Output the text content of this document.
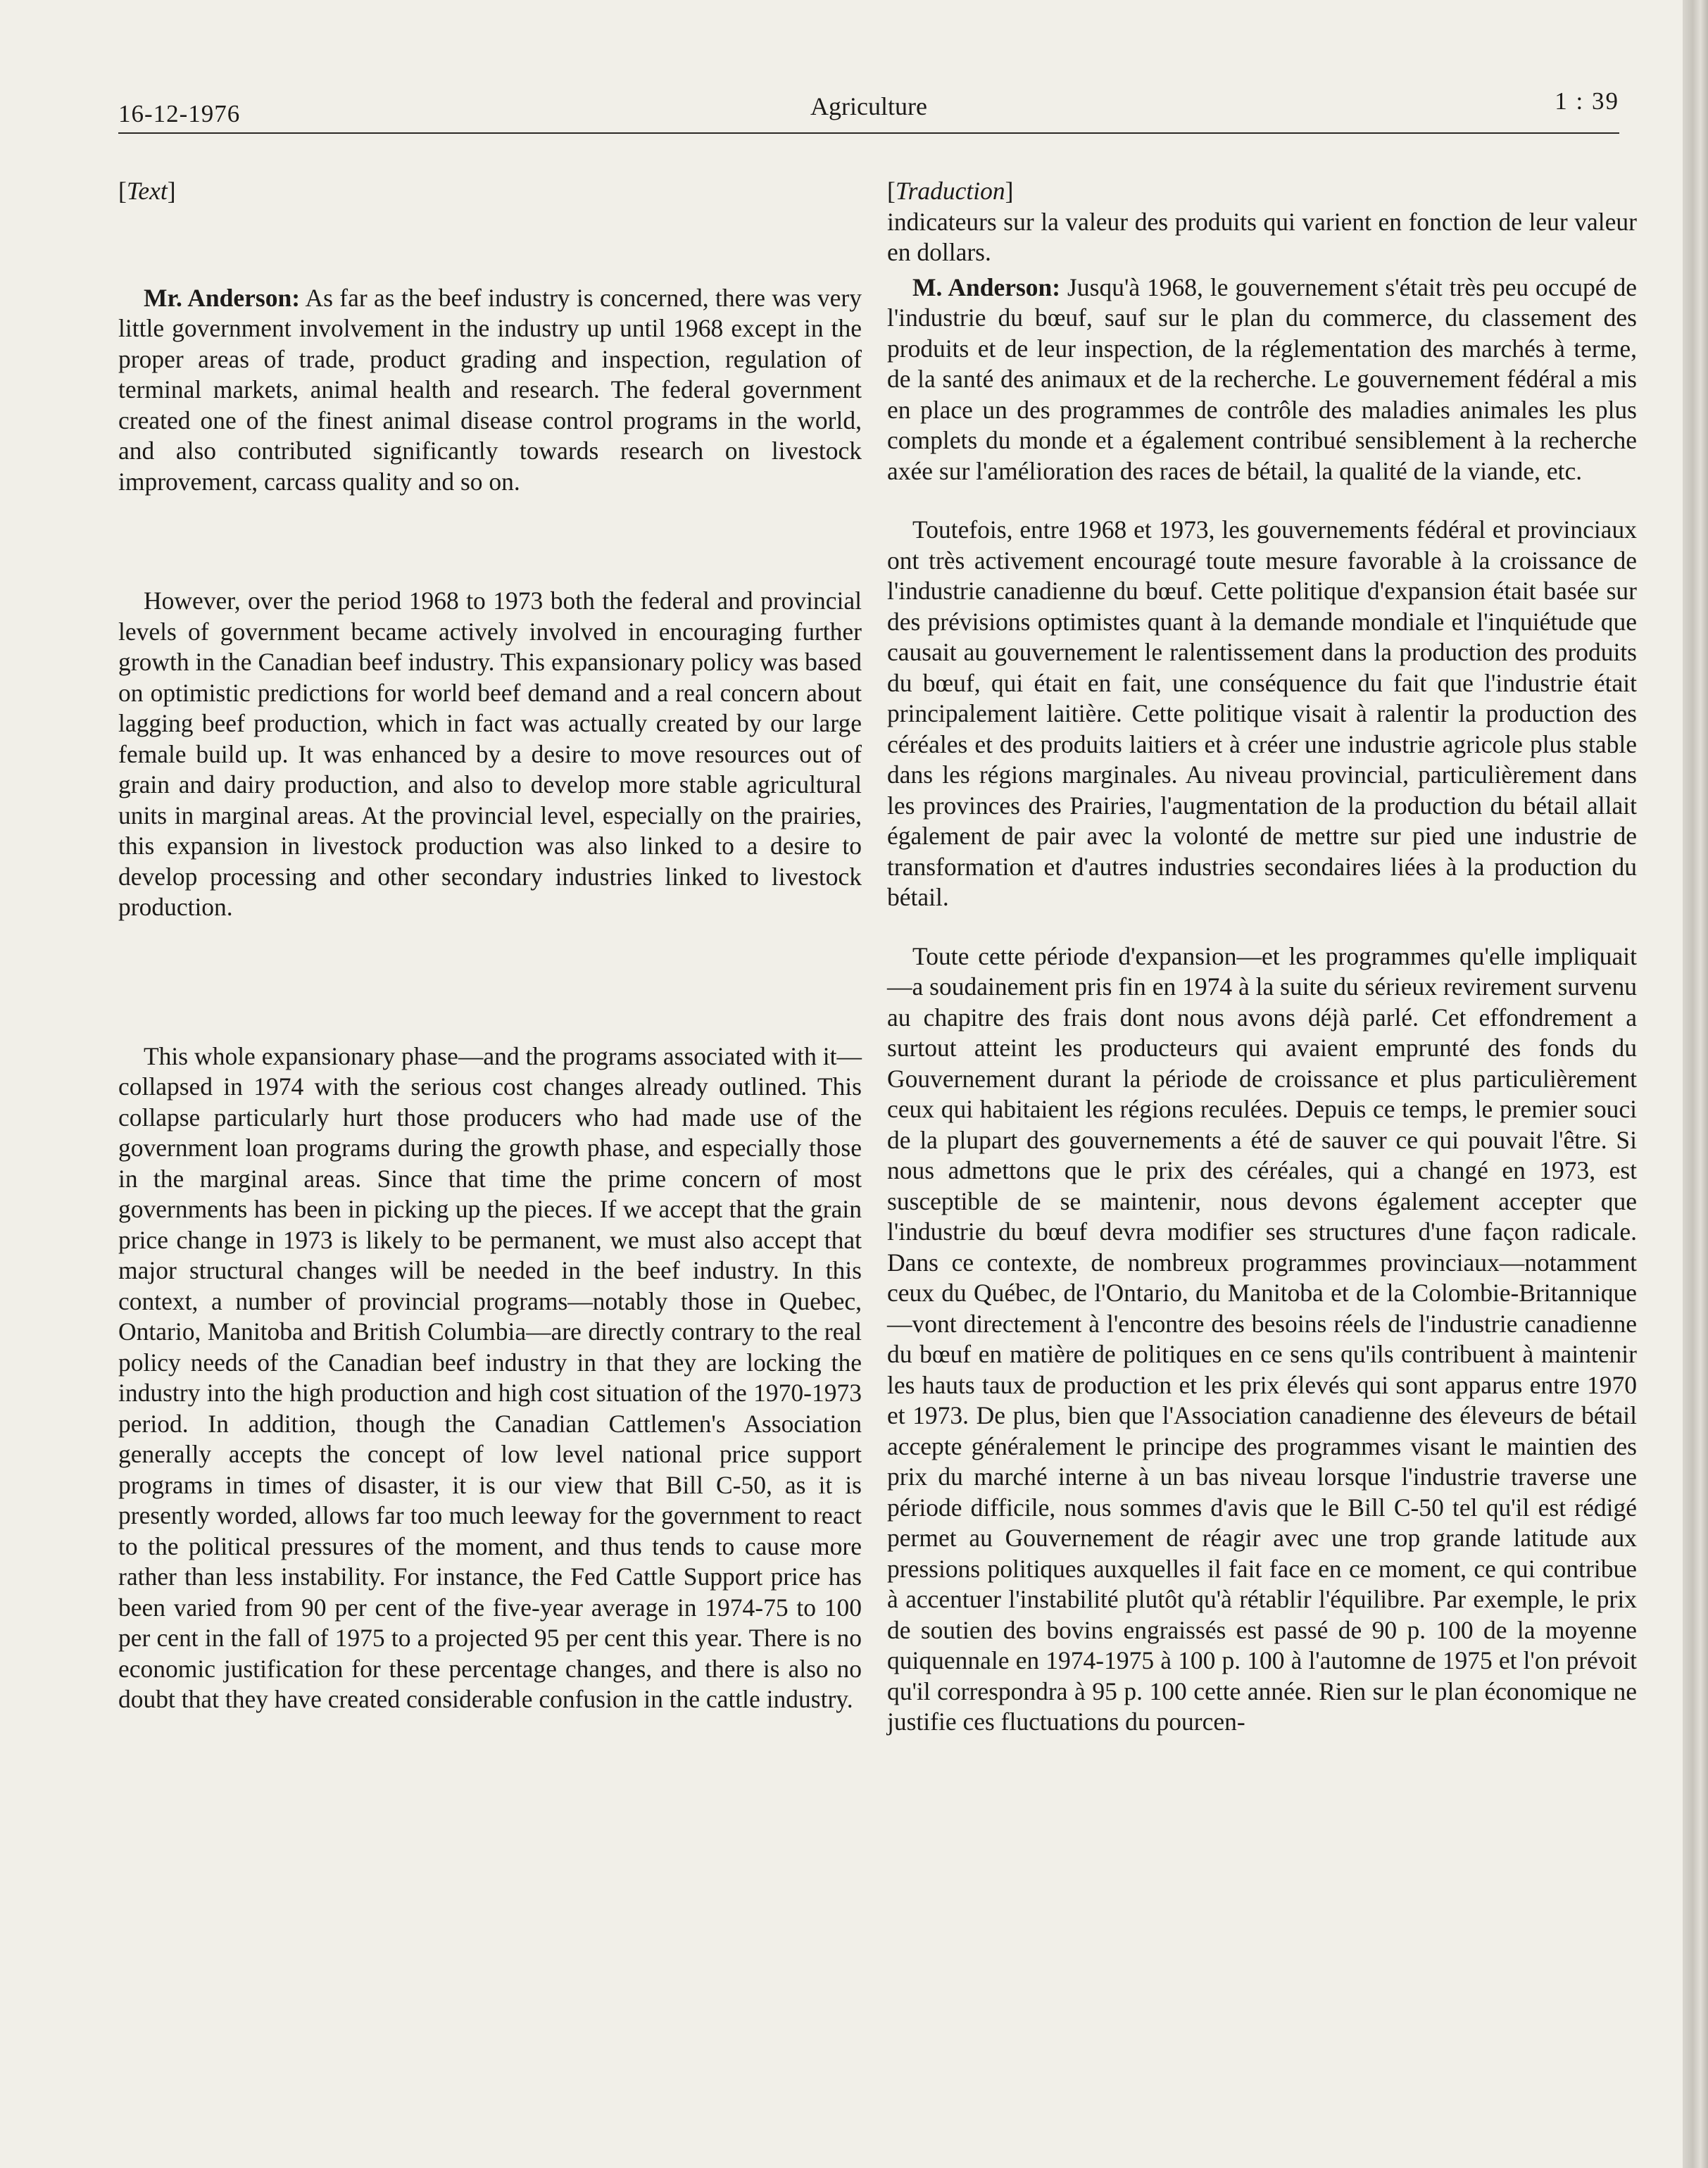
16-12-1976	Agriculture	1 : 39
[Text]

Mr. Anderson: As far as the beef industry is concerned, there was very little government involvement in the industry up until 1968 except in the proper areas of trade, product grading and inspection, regulation of terminal markets, animal health and research. The federal government created one of the finest animal disease control programs in the world, and also contributed significantly towards research on livestock improvement, carcass quality and so on.

However, over the period 1968 to 1973 both the federal and provincial levels of government became actively involved in encouraging further growth in the Canadian beef industry. This expansionary policy was based on optimistic predictions for world beef demand and a real concern about lagging beef production, which in fact was actually created by our large female build up. It was enhanced by a desire to move resources out of grain and dairy production, and also to develop more stable agricultural units in marginal areas. At the provincial level, especially on the prairies, this expansion in livestock production was also linked to a desire to develop processing and other secondary industries linked to livestock production.

This whole expansionary phase—and the programs associated with it—collapsed in 1974 with the serious cost changes already outlined. This collapse particularly hurt those producers who had made use of the government loan programs during the growth phase, and especially those in the marginal areas. Since that time the prime concern of most governments has been in picking up the pieces. If we accept that the grain price change in 1973 is likely to be permanent, we must also accept that major structural changes will be needed in the beef industry. In this context, a number of provincial programs—notably those in Quebec, Ontario, Manitoba and British Columbia—are directly contrary to the real policy needs of the Canadian beef industry in that they are locking the industry into the high production and high cost situation of the 1970-1973 period. In addition, though the Canadian Cattlemen's Association generally accepts the concept of low level national price support programs in times of disaster, it is our view that Bill C-50, as it is presently worded, allows far too much leeway for the government to react to the political pressures of the moment, and thus tends to cause more rather than less instability. For instance, the Fed Cattle Support price has been varied from 90 per cent of the five-year average in 1974-75 to 100 per cent in the fall of 1975 to a projected 95 per cent this year. There is no economic justification for these percentage changes, and there is also no doubt that they have created considerable confusion in the cattle industry.

[Traduction]

indicateurs sur la valeur des produits qui varient en fonction de leur valeur en dollars.

M. Anderson: Jusqu'à 1968, le gouvernement s'était très peu occupé de l'industrie du bœuf, sauf sur le plan du commerce, du classement des produits et de leur inspection, de la réglementation des marchés à terme, de la santé des animaux et de la recherche. Le gouvernement fédéral a mis en place un des programmes de contrôle des maladies animales les plus complets du monde et a également contribué sensiblement à la recherche axée sur l'amélioration des races de bétail, la qualité de la viande, etc.

Toutefois, entre 1968 et 1973, les gouvernements fédéral et provinciaux ont très activement encouragé toute mesure favorable à la croissance de l'industrie canadienne du bœuf. Cette politique d'expansion était basée sur des prévisions optimistes quant à la demande mondiale et l'inquiétude que causait au gouvernement le ralentissement dans la production des produits du bœuf, qui était en fait, une conséquence du fait que l'industrie était principalement laitière. Cette politique visait à ralentir la production des céréales et des produits laitiers et à créer une industrie agricole plus stable dans les régions marginales. Au niveau provincial, particulièrement dans les provinces des Prairies, l'augmentation de la production du bétail allait également de pair avec la volonté de mettre sur pied une industrie de transformation et d'autres industries secondaires liées à la production du bétail.

Toute cette période d'expansion—et les programmes qu'elle impliquait—a soudainement pris fin en 1974 à la suite du sérieux revirement survenu au chapitre des frais dont nous avons déjà parlé. Cet effondrement a surtout atteint les producteurs qui avaient emprunté des fonds du Gouvernement durant la période de croissance et plus particulièrement ceux qui habitaient les régions reculées. Depuis ce temps, le premier souci de la plupart des gouvernements a été de sauver ce qui pouvait l'être. Si nous admettons que le prix des céréales, qui a changé en 1973, est susceptible de se maintenir, nous devons également accepter que l'industrie du bœuf devra modifier ses structures d'une façon radicale. Dans ce contexte, de nombreux programmes provinciaux—notamment ceux du Québec, de l'Ontario, du Manitoba et de la Colombie-Britannique—vont directement à l'encontre des besoins réels de l'industrie canadienne du bœuf en matière de politiques en ce sens qu'ils contribuent à maintenir les hauts taux de production et les prix élevés qui sont apparus entre 1970 et 1973. De plus, bien que l'Association canadienne des éleveurs de bétail accepte généralement le principe des programmes visant le maintien des prix du marché interne à un bas niveau lorsque l'industrie traverse une période difficile, nous sommes d'avis que le Bill C-50 tel qu'il est rédigé permet au Gouvernement de réagir avec une trop grande latitude aux pressions politiques auxquelles il fait face en ce moment, ce qui contribue à accentuer l'instabilité plutôt qu'à rétablir l'équilibre. Par exemple, le prix de soutien des bovins engraissés est passé de 90 p. 100 de la moyenne quiquennale en 1974-1975 à 100 p. 100 à l'automne de 1975 et l'on prévoit qu'il correspondra à 95 p. 100 cette année. Rien sur le plan économique ne justifie ces fluctuations du pourcen-
